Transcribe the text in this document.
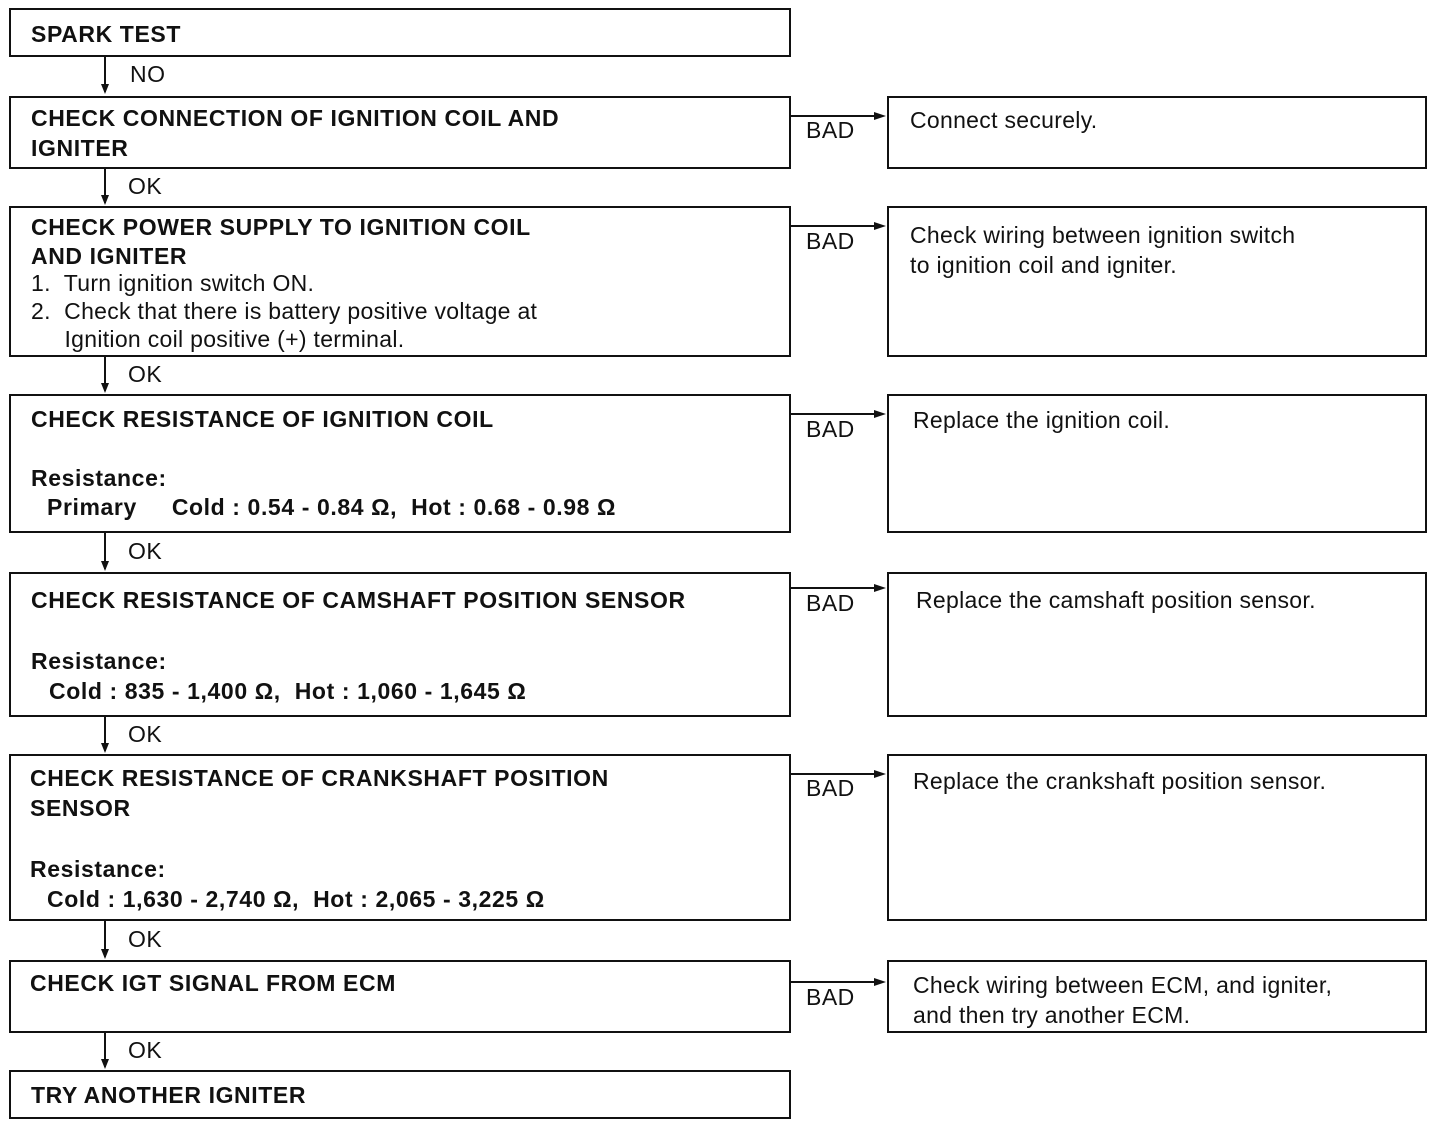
NO
OK
OK
OK
OK
OK
OK
BAD
BAD
BAD
BAD
BAD
BAD
SPARK TEST
CHECK CONNECTION OF IGNITION COIL AND
IGNITER
CHECK POWER SUPPLY TO IGNITION COIL
AND IGNITER
1.  Turn ignition switch ON.
2.  Check that there is battery positive voltage at
Ignition coil positive (+) terminal.
CHECK RESISTANCE OF IGNITION COIL
Resistance:
Primary     Cold : 0.54 - 0.84 Ω,  Hot : 0.68 - 0.98 Ω
CHECK RESISTANCE OF CAMSHAFT POSITION SENSOR
Resistance:
Cold : 835 - 1,400 Ω,  Hot : 1,060 - 1,645 Ω
CHECK RESISTANCE OF CRANKSHAFT POSITION
SENSOR
Resistance:
Cold : 1,630 - 2,740 Ω,  Hot : 2,065 - 3,225 Ω
CHECK IGT SIGNAL FROM ECM
TRY ANOTHER IGNITER
Connect securely.
Check wiring between ignition switch
to ignition coil and igniter.
Replace the ignition coil.
Replace the camshaft position sensor.
Replace the crankshaft position sensor.
Check wiring between ECM, and igniter,
and then try another ECM.
